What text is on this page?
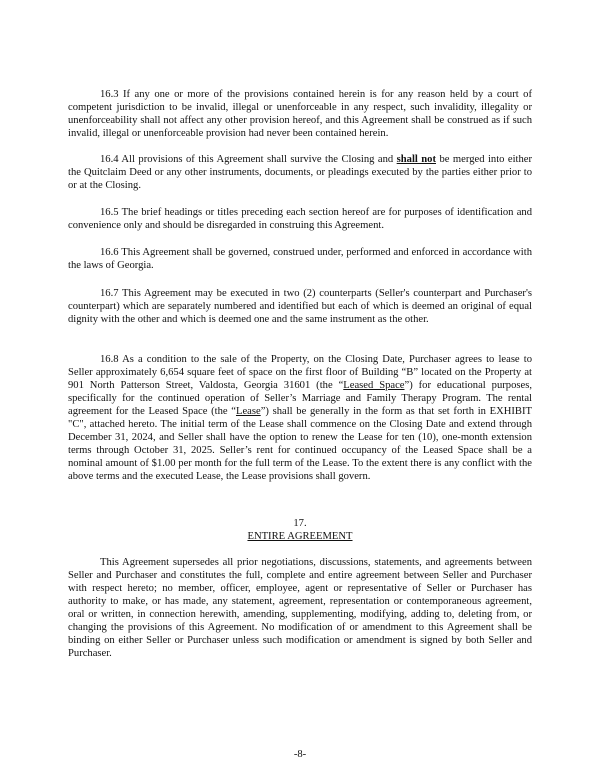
16.3 If any one or more of the provisions contained herein is for any reason held by a court of competent jurisdiction to be invalid, illegal or unenforceable in any respect, such invalidity, illegality or unenforceability shall not affect any other provision hereof, and this Agreement shall be construed as if such invalid, illegal or unenforceable provision had never been contained herein.

16.4 All provisions of this Agreement shall survive the Closing and shall not be merged into either the Quitclaim Deed or any other instruments, documents, or pleadings executed by the parties either prior to or at the Closing.

16.5 The brief headings or titles preceding each section hereof are for purposes of identification and convenience only and should be disregarded in construing this Agreement.

16.6 This Agreement shall be governed, construed under, performed and enforced in accordance with the laws of Georgia.

16.7 This Agreement may be executed in two (2) counterparts (Seller's counterpart and Purchaser's counterpart) which are separately numbered and identified but each of which is deemed an original of equal dignity with the other and which is deemed one and the same instrument as the other.

16.8 As a condition to the sale of the Property, on the Closing Date, Purchaser agrees to lease to Seller approximately 6,654 square feet of space on the first floor of Building “B” located on the Property at 901 North Patterson Street, Valdosta, Georgia 31601 (the “Leased Space”) for educational purposes, specifically for the continued operation of Seller’s Marriage and Family Therapy Program. The rental agreement for the Leased Space (the “Lease”) shall be generally in the form as that set forth in EXHIBIT "C", attached hereto. The initial term of the Lease shall commence on the Closing Date and extend through December 31, 2024, and Seller shall have the option to renew the Lease for ten (10), one-month extension terms through October 31, 2025. Seller’s rent for continued occupancy of the Leased Space shall be a nominal amount of $1.00 per month for the full term of the Lease. To the extent there is any conflict with the above terms and the executed Lease, the Lease provisions shall govern.

17.

ENTIRE AGREEMENT

This Agreement supersedes all prior negotiations, discussions, statements, and agreements between Seller and Purchaser and constitutes the full, complete and entire agreement between Seller and Purchaser with respect hereto; no member, officer, employee, agent or representative of Seller or Purchaser has authority to make, or has made, any statement, agreement, representation or contemporaneous agreement, oral or written, in connection herewith, amending, supplementing, modifying, adding to, deleting from, or changing the provisions of this Agreement. No modification of or amendment to this Agreement shall be binding on either Seller or Purchaser unless such modification or amendment is signed by both Seller and Purchaser.

-8-
